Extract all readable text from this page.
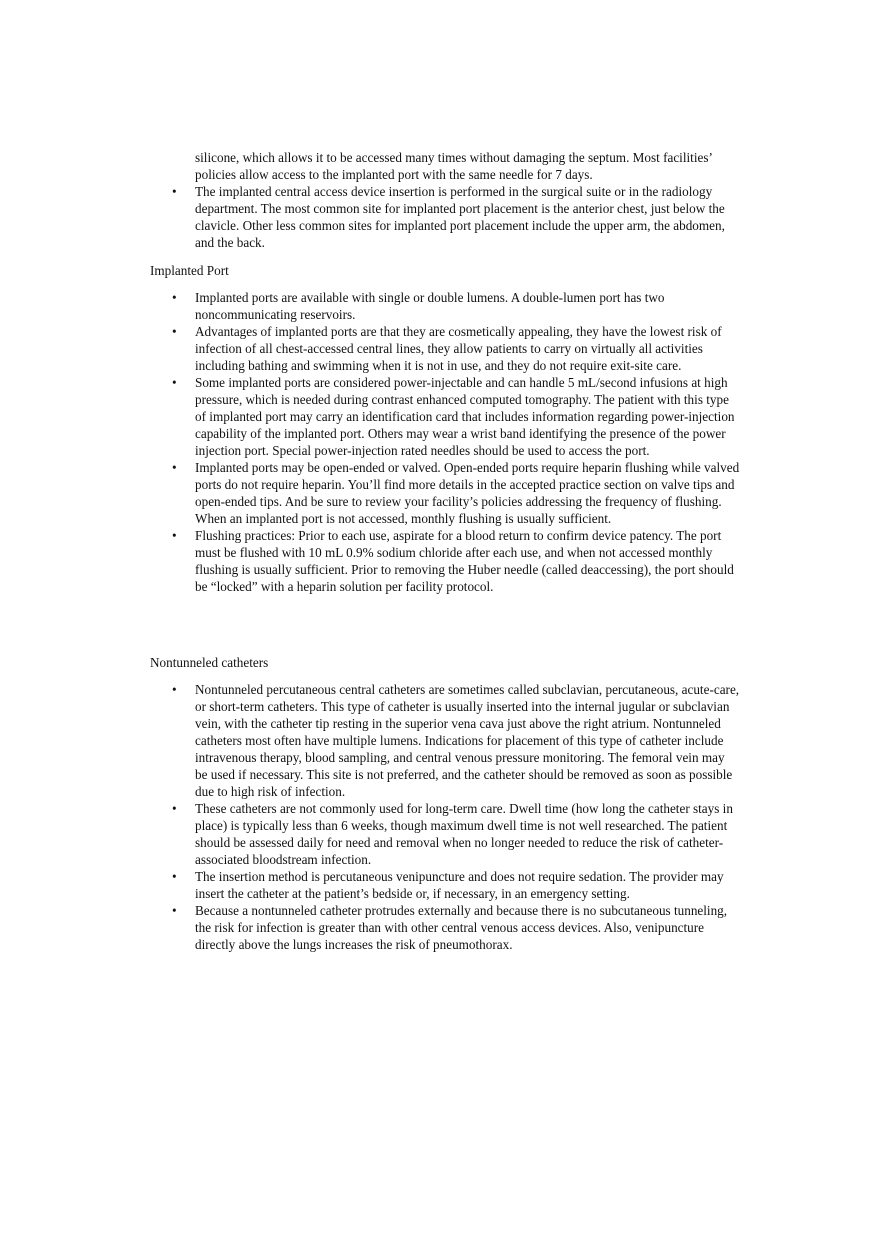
silicone, which allows it to be accessed many times without damaging the septum. Most facilities’ policies allow access to the implanted port with the same needle for 7 days.

•	The implanted central access device insertion is performed in the surgical suite or in the radiology department. The most common site for implanted port placement is the anterior chest, just below the clavicle. Other less common sites for implanted port placement include the upper arm, the abdomen, and the back.
Implanted Port
•	Implanted ports are available with single or double lumens. A double-lumen port has two noncommunicating reservoirs.
•	Advantages of implanted ports are that they are cosmetically appealing, they have the lowest risk of infection of all chest-accessed central lines, they allow patients to carry on virtually all activities including bathing and swimming when it is not in use, and they do not require exit-site care.
•	Some implanted ports are considered power-injectable and can handle 5 mL/second infusions at high pressure, which is needed during contrast enhanced computed tomography. The patient with this type of implanted port may carry an identification card that includes information regarding power-injection capability of the implanted port. Others may wear a wrist band identifying the presence of the power injection port. Special power-injection rated needles should be used to access the port.
•	Implanted ports may be open-ended or valved. Open-ended ports require heparin flushing while valved ports do not require heparin. You’ll find more details in the accepted practice section on valve tips and open-ended tips. And be sure to review your facility’s policies addressing the frequency of flushing. When an implanted port is not accessed, monthly flushing is usually sufficient.
•	Flushing practices: Prior to each use, aspirate for a blood return to confirm device patency. The port must be flushed with 10 mL 0.9% sodium chloride after each use, and when not accessed monthly flushing is usually sufficient. Prior to removing the Huber needle (called deaccessing), the port should be “locked” with a heparin solution per facility protocol.
Nontunneled catheters
•	Nontunneled percutaneous central catheters are sometimes called subclavian, percutaneous, acute-care, or short-term catheters. This type of catheter is usually inserted into the internal jugular or subclavian vein, with the catheter tip resting in the superior vena cava just above the right atrium. Nontunneled catheters most often have multiple lumens. Indications for placement of this type of catheter include intravenous therapy, blood sampling, and central venous pressure monitoring. The femoral vein may be used if necessary. This site is not preferred, and the catheter should be removed as soon as possible due to high risk of infection.
•	These catheters are not commonly used for long-term care. Dwell time (how long the catheter stays in place) is typically less than 6 weeks, though maximum dwell time is not well researched. The patient should be assessed daily for need and removal when no longer needed to reduce the risk of catheter-associated bloodstream infection.
•	The insertion method is percutaneous venipuncture and does not require sedation. The provider may insert the catheter at the patient’s bedside or, if necessary, in an emergency setting.
•	Because a nontunneled catheter protrudes externally and because there is no subcutaneous tunneling, the risk for infection is greater than with other central venous access devices. Also, venipuncture directly above the lungs increases the risk of pneumothorax.
